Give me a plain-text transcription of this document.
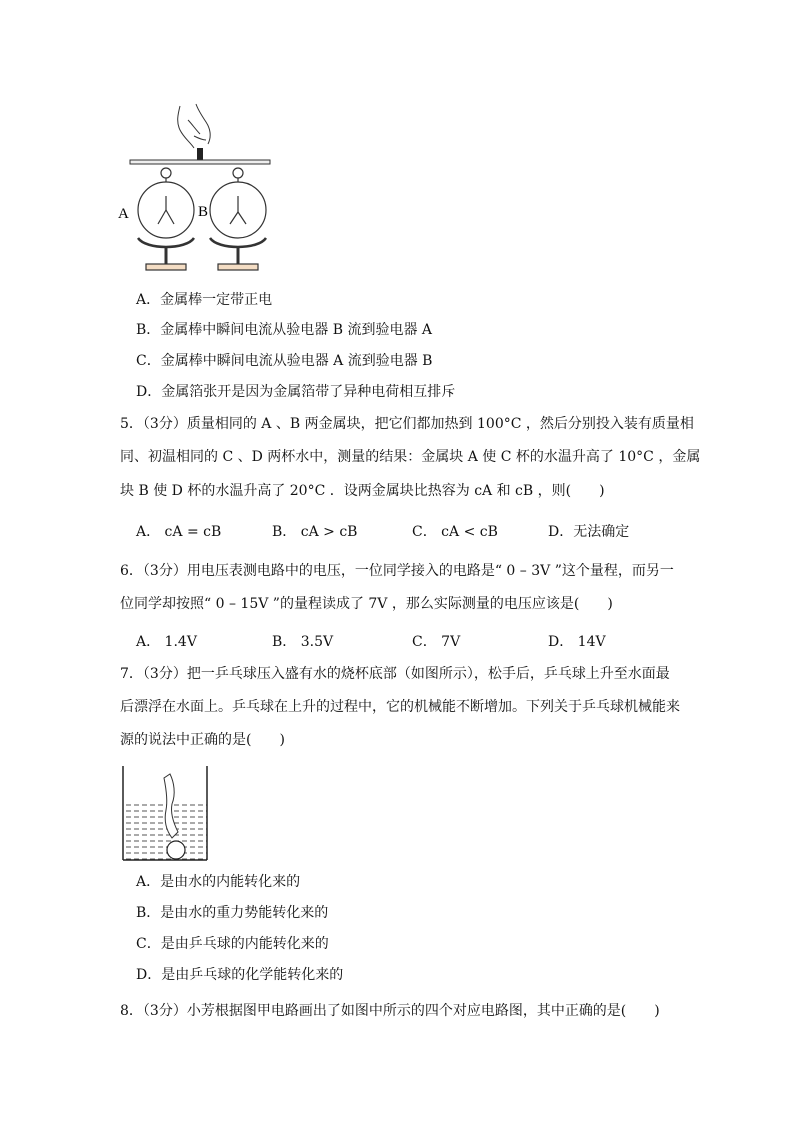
A	B
A．金属棒一定带正电
B．金属棒中瞬间电流从验电器 B 流到验电器 A
C．金属棒中瞬间电流从验电器 A 流到验电器 B
D．金属箔张开是因为金属箔带了异种电荷相互排斥
5．（3分）质量相同的 A 、B 两金属块，把它们都加热到 100°C ，然后分别投入装有质量相
同、初温相同的 C 、D 两杯水中，测量的结果：金属块 A 使 C 杯的水温升高了 10°C ，金属
块 B 使 D 杯的水温升高了 20°C ．设两金属块比热容为 cA 和 cB ，则(　　)
A． cA = cB	B． cA > cB	C． cA < cB	D．无法确定
6．（3分）用电压表测电路中的电压，一位同学接入的电路是“ 0 – 3V ”这个量程，而另一
位同学却按照“ 0 – 15V ”的量程读成了 7V ，那么实际测量的电压应该是(　　)
A． 1.4V	B． 3.5V	C． 7V	D． 14V
7．（3分）把一乒乓球压入盛有水的烧杯底部（如图所示），松手后，乒乓球上升至水面最
后漂浮在水面上。乒乓球在上升的过程中，它的机械能不断增加。下列关于乒乓球机械能来
源的说法中正确的是(　　)
A．是由水的内能转化来的
B．是由水的重力势能转化来的
C．是由乒乓球的内能转化来的
D．是由乒乓球的化学能转化来的
8．（3分）小芳根据图甲电路画出了如图中所示的四个对应电路图，其中正确的是(　　)
